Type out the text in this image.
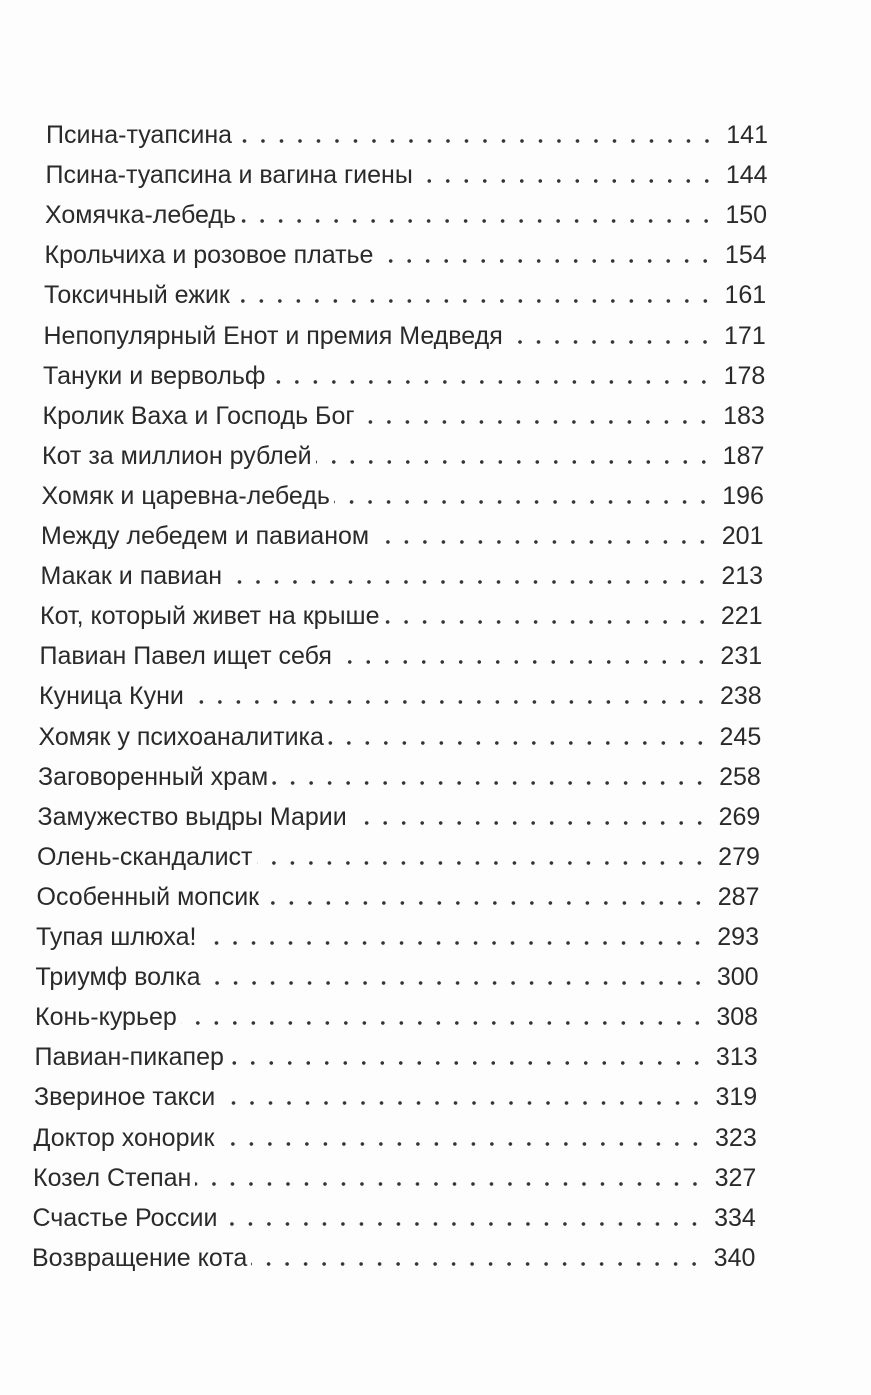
Псина-туапсина	141
Псина-туапсина и вагина гиены	144
Хомячка-лебедь	150
Крольчиха и розовое платье	154
Токсичный ежик	161
Непопулярный Енот и премия Медведя	171
Тануки и вервольф	178
Кролик Ваха и Господь Бог	183
Кот за миллион рублей	187
Хомяк и царевна-лебедь	196
Между лебедем и павианом	201
Макак и павиан	213
Кот, который живет на крыше	221
Павиан Павел ищет себя	231
Куница Куни	238
Хомяк у психоаналитика	245
Заговоренный храм	258
Замужество выдры Марии	269
Олень-скандалист	279
Особенный мопсик	287
Тупая шлюха!	293
Триумф волка	300
Конь-курьер	308
Павиан-пикапер	313
Звериное такси	319
Доктор хонорик	323
Козел Степан	327
Счастье России	334
Возвращение кота	340
